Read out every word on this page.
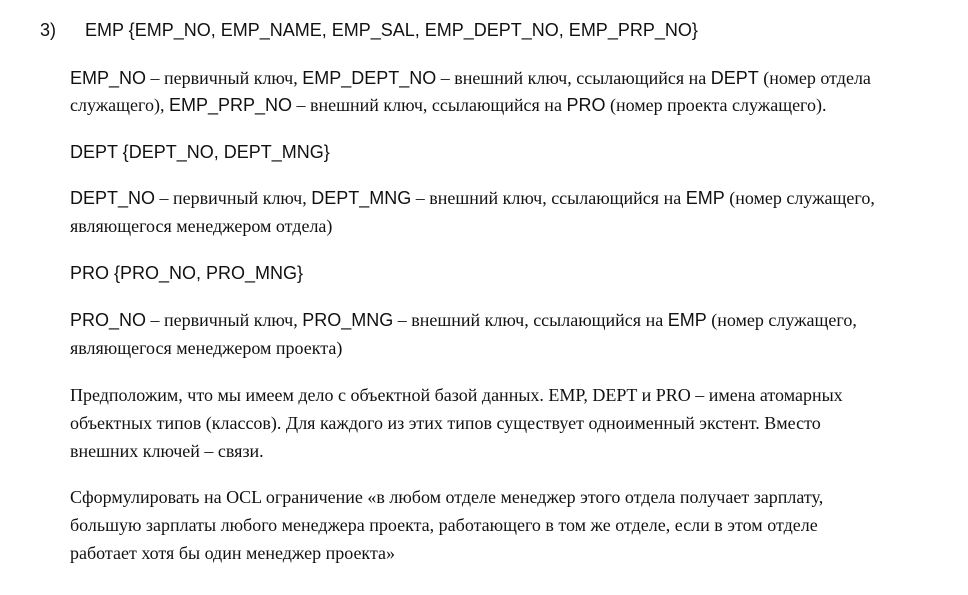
3) EMP {EMP_NO, EMP_NAME, EMP_SAL, EMP_DEPT_NO, EMP_PRP_NO}
EMP_NO – первичный ключ, EMP_DEPT_NO – внешний ключ, ссылающийся на DEPT (номер отдела
служащего), EMP_PRP_NO – внешний ключ, ссылающийся на PRO (номер проекта служащего).
DEPT {DEPT_NO, DEPT_MNG}
DEPT_NO – первичный ключ, DEPT_MNG – внешний ключ, ссылающийся на EMP (номер служащего,
являющегося менеджером отдела)
PRO {PRO_NO, PRO_MNG}
PRO_NO – первичный ключ, PRO_MNG – внешний ключ, ссылающийся на EMP (номер служащего,
являющегося менеджером проекта)
Предположим, что мы имеем дело с объектной базой данных. EMP, DEPT и PRO – имена атомарных
объектных типов (классов). Для каждого из этих типов существует одноименный экстент. Вместо
внешних ключей – связи.
Сформулировать на OCL ограничение «в любом отделе менеджер этого отдела получает зарплату,
большую зарплаты любого менеджера проекта, работающего в том же отделе, если в этом отделе
работает хотя бы один менеджер проекта»
